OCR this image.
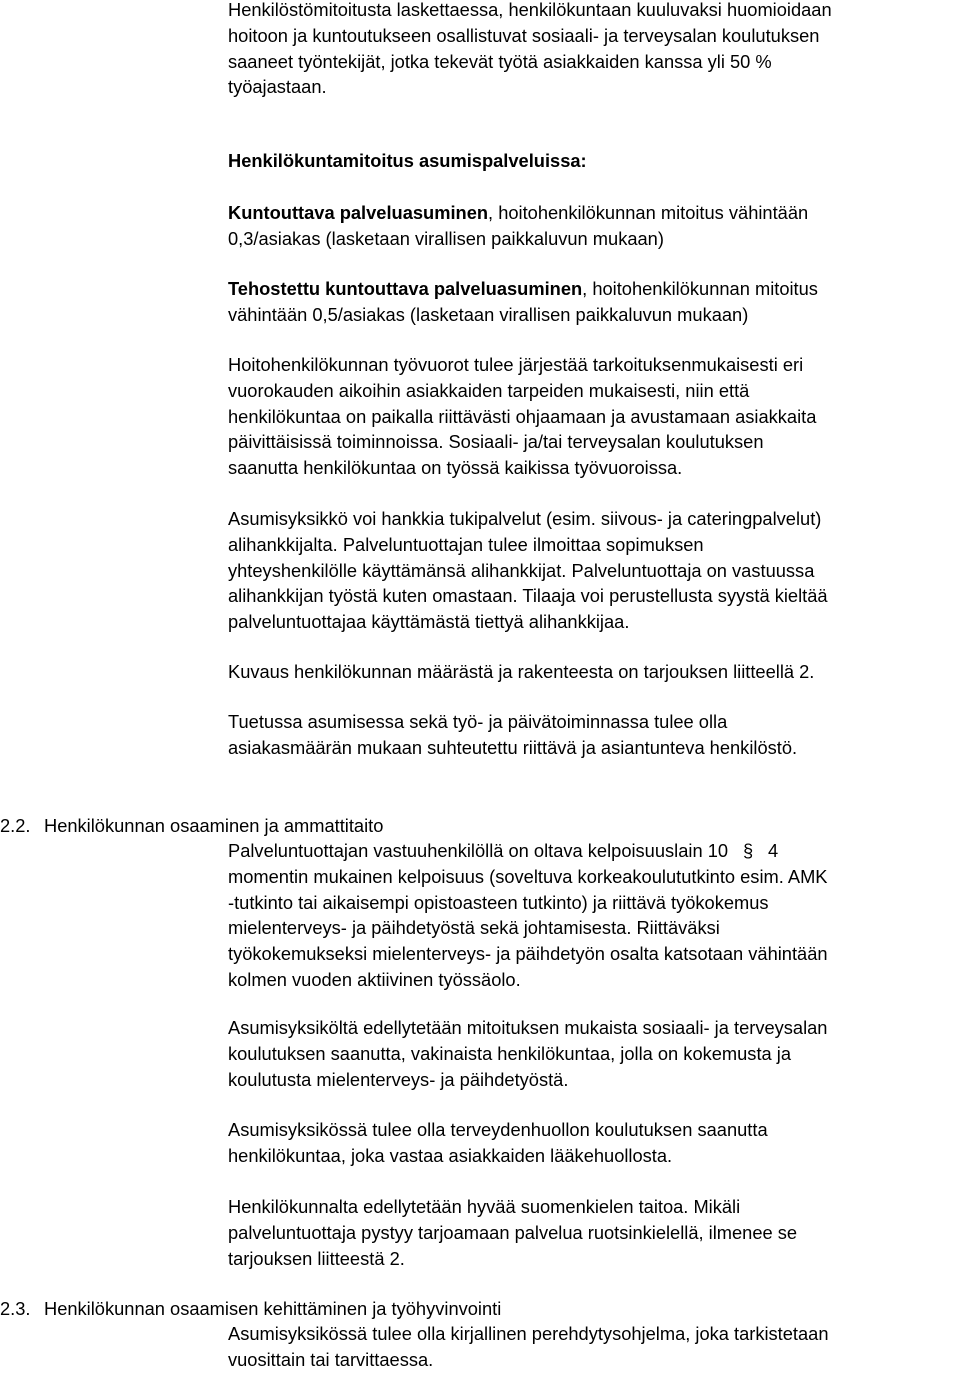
Henkilöstömitoitusta laskettaessa, henkilökuntaan kuuluvaksi huomioidaan

hoitoon ja kuntoutukseen osallistuvat sosiaali- ja terveysalan koulutuksen

saaneet työntekijät, jotka tekevät työtä asiakkaiden kanssa yli 50 %

työajastaan.

Henkilökuntamitoitus asumispalveluissa:

Kuntouttava palveluasuminen, hoitohenkilökunnan mitoitus vähintään

0,3/asiakas (lasketaan virallisen paikkaluvun mukaan)

Tehostettu kuntouttava palveluasuminen, hoitohenkilökunnan mitoitus

vähintään 0,5/asiakas (lasketaan virallisen paikkaluvun mukaan)

Hoitohenkilökunnan työvuorot tulee järjestää tarkoituksenmukaisesti eri

vuorokauden aikoihin asiakkaiden tarpeiden mukaisesti, niin että

henkilökuntaa on paikalla riittävästi ohjaamaan ja avustamaan asiakkaita

päivittäisissä toiminnoissa. Sosiaali- ja/tai terveysalan koulutuksen

saanutta henkilökuntaa on työssä kaikissa työvuoroissa.

Asumisyksikkö voi hankkia tukipalvelut (esim. siivous- ja cateringpalvelut)

alihankkijalta. Palveluntuottajan tulee ilmoittaa sopimuksen

yhteyshenkilölle käyttämänsä alihankkijat. Palveluntuottaja on vastuussa

alihankkijan työstä kuten omastaan. Tilaaja voi perustellusta syystä kieltää

palveluntuottajaa käyttämästä tiettyä alihankkijaa.

Kuvaus henkilökunnan määrästä ja rakenteesta on tarjouksen liitteellä 2.

Tuetussa asumisessa sekä työ- ja päivätoiminnassa tulee olla

asiakasmäärän mukaan suhteutettu riittävä ja asiantunteva henkilöstö.

2.2. Henkilökunnan osaaminen ja ammattitaito

Palveluntuottajan vastuuhenkilöllä on oltava kelpoisuuslain 10 § 4

momentin mukainen kelpoisuus (soveltuva korkeakoulututkinto esim. AMK

-tutkinto tai aikaisempi opistoasteen tutkinto) ja riittävä työkokemus

mielenterveys- ja päihdetyöstä sekä johtamisesta. Riittäväksi

työkokemukseksi mielenterveys- ja päihdetyön osalta katsotaan vähintään

kolmen vuoden aktiivinen työssäolo.

Asumisyksiköltä edellytetään mitoituksen mukaista sosiaali- ja terveysalan

koulutuksen saanutta, vakinaista henkilökuntaa, jolla on kokemusta ja

koulutusta mielenterveys- ja päihdetyöstä.

Asumisyksikössä tulee olla terveydenhuollon koulutuksen saanutta

henkilökuntaa, joka vastaa asiakkaiden lääkehuollosta.

Henkilökunnalta edellytetään hyvää suomenkielen taitoa. Mikäli

palveluntuottaja pystyy tarjoamaan palvelua ruotsinkielellä, ilmenee se

tarjouksen liitteestä 2.

2.3. Henkilökunnan osaamisen kehittäminen ja työhyvinvointi

Asumisyksikössä tulee olla kirjallinen perehdytysohjelma, joka tarkistetaan

vuosittain tai tarvittaessa.
